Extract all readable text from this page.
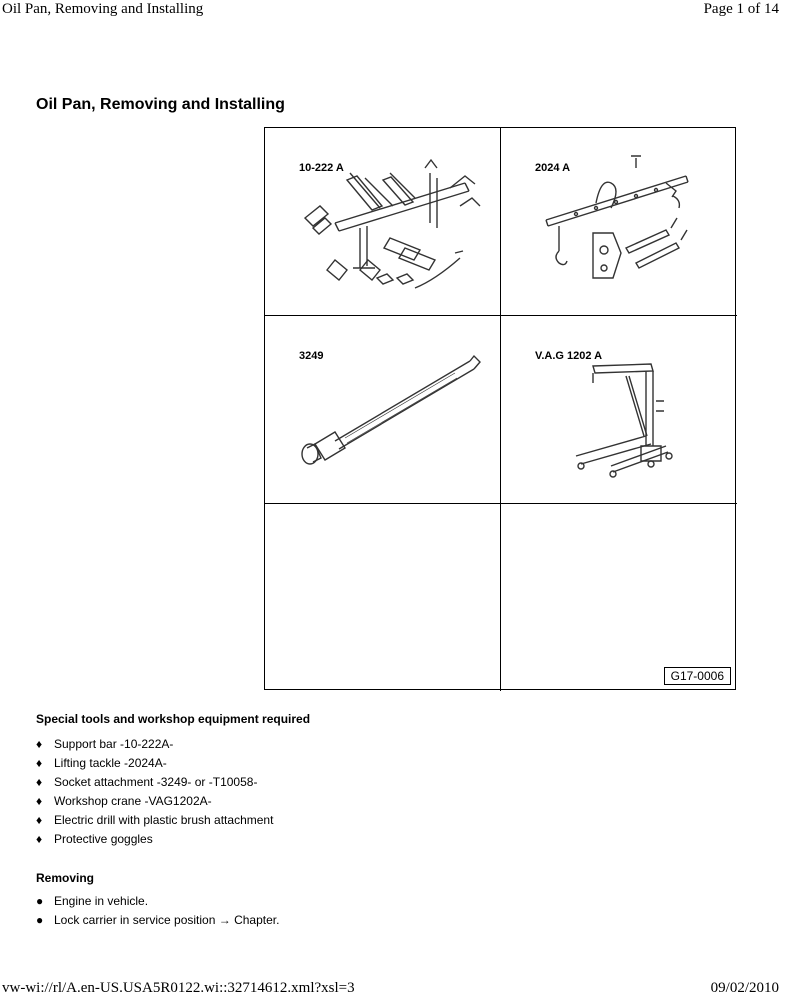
Oil Pan, Removing and Installing	Page 1 of 14
Oil Pan, Removing and Installing
10-222 A	2024 A
3249	V.A.G 1202 A
G17-0006
Special tools and workshop equipment required
♦ Support bar -10-222A-
♦ Lifting tackle -2024A-
♦ Socket attachment -3249- or -T10058-
♦ Workshop crane -VAG1202A-
♦ Electric drill with plastic brush attachment
♦ Protective goggles
Removing
● Engine in vehicle.
● Lock carrier in service position → Chapter.
vw-wi://rl/A.en-US.USA5R0122.wi::32714612.xml?xsl=3	09/02/2010
